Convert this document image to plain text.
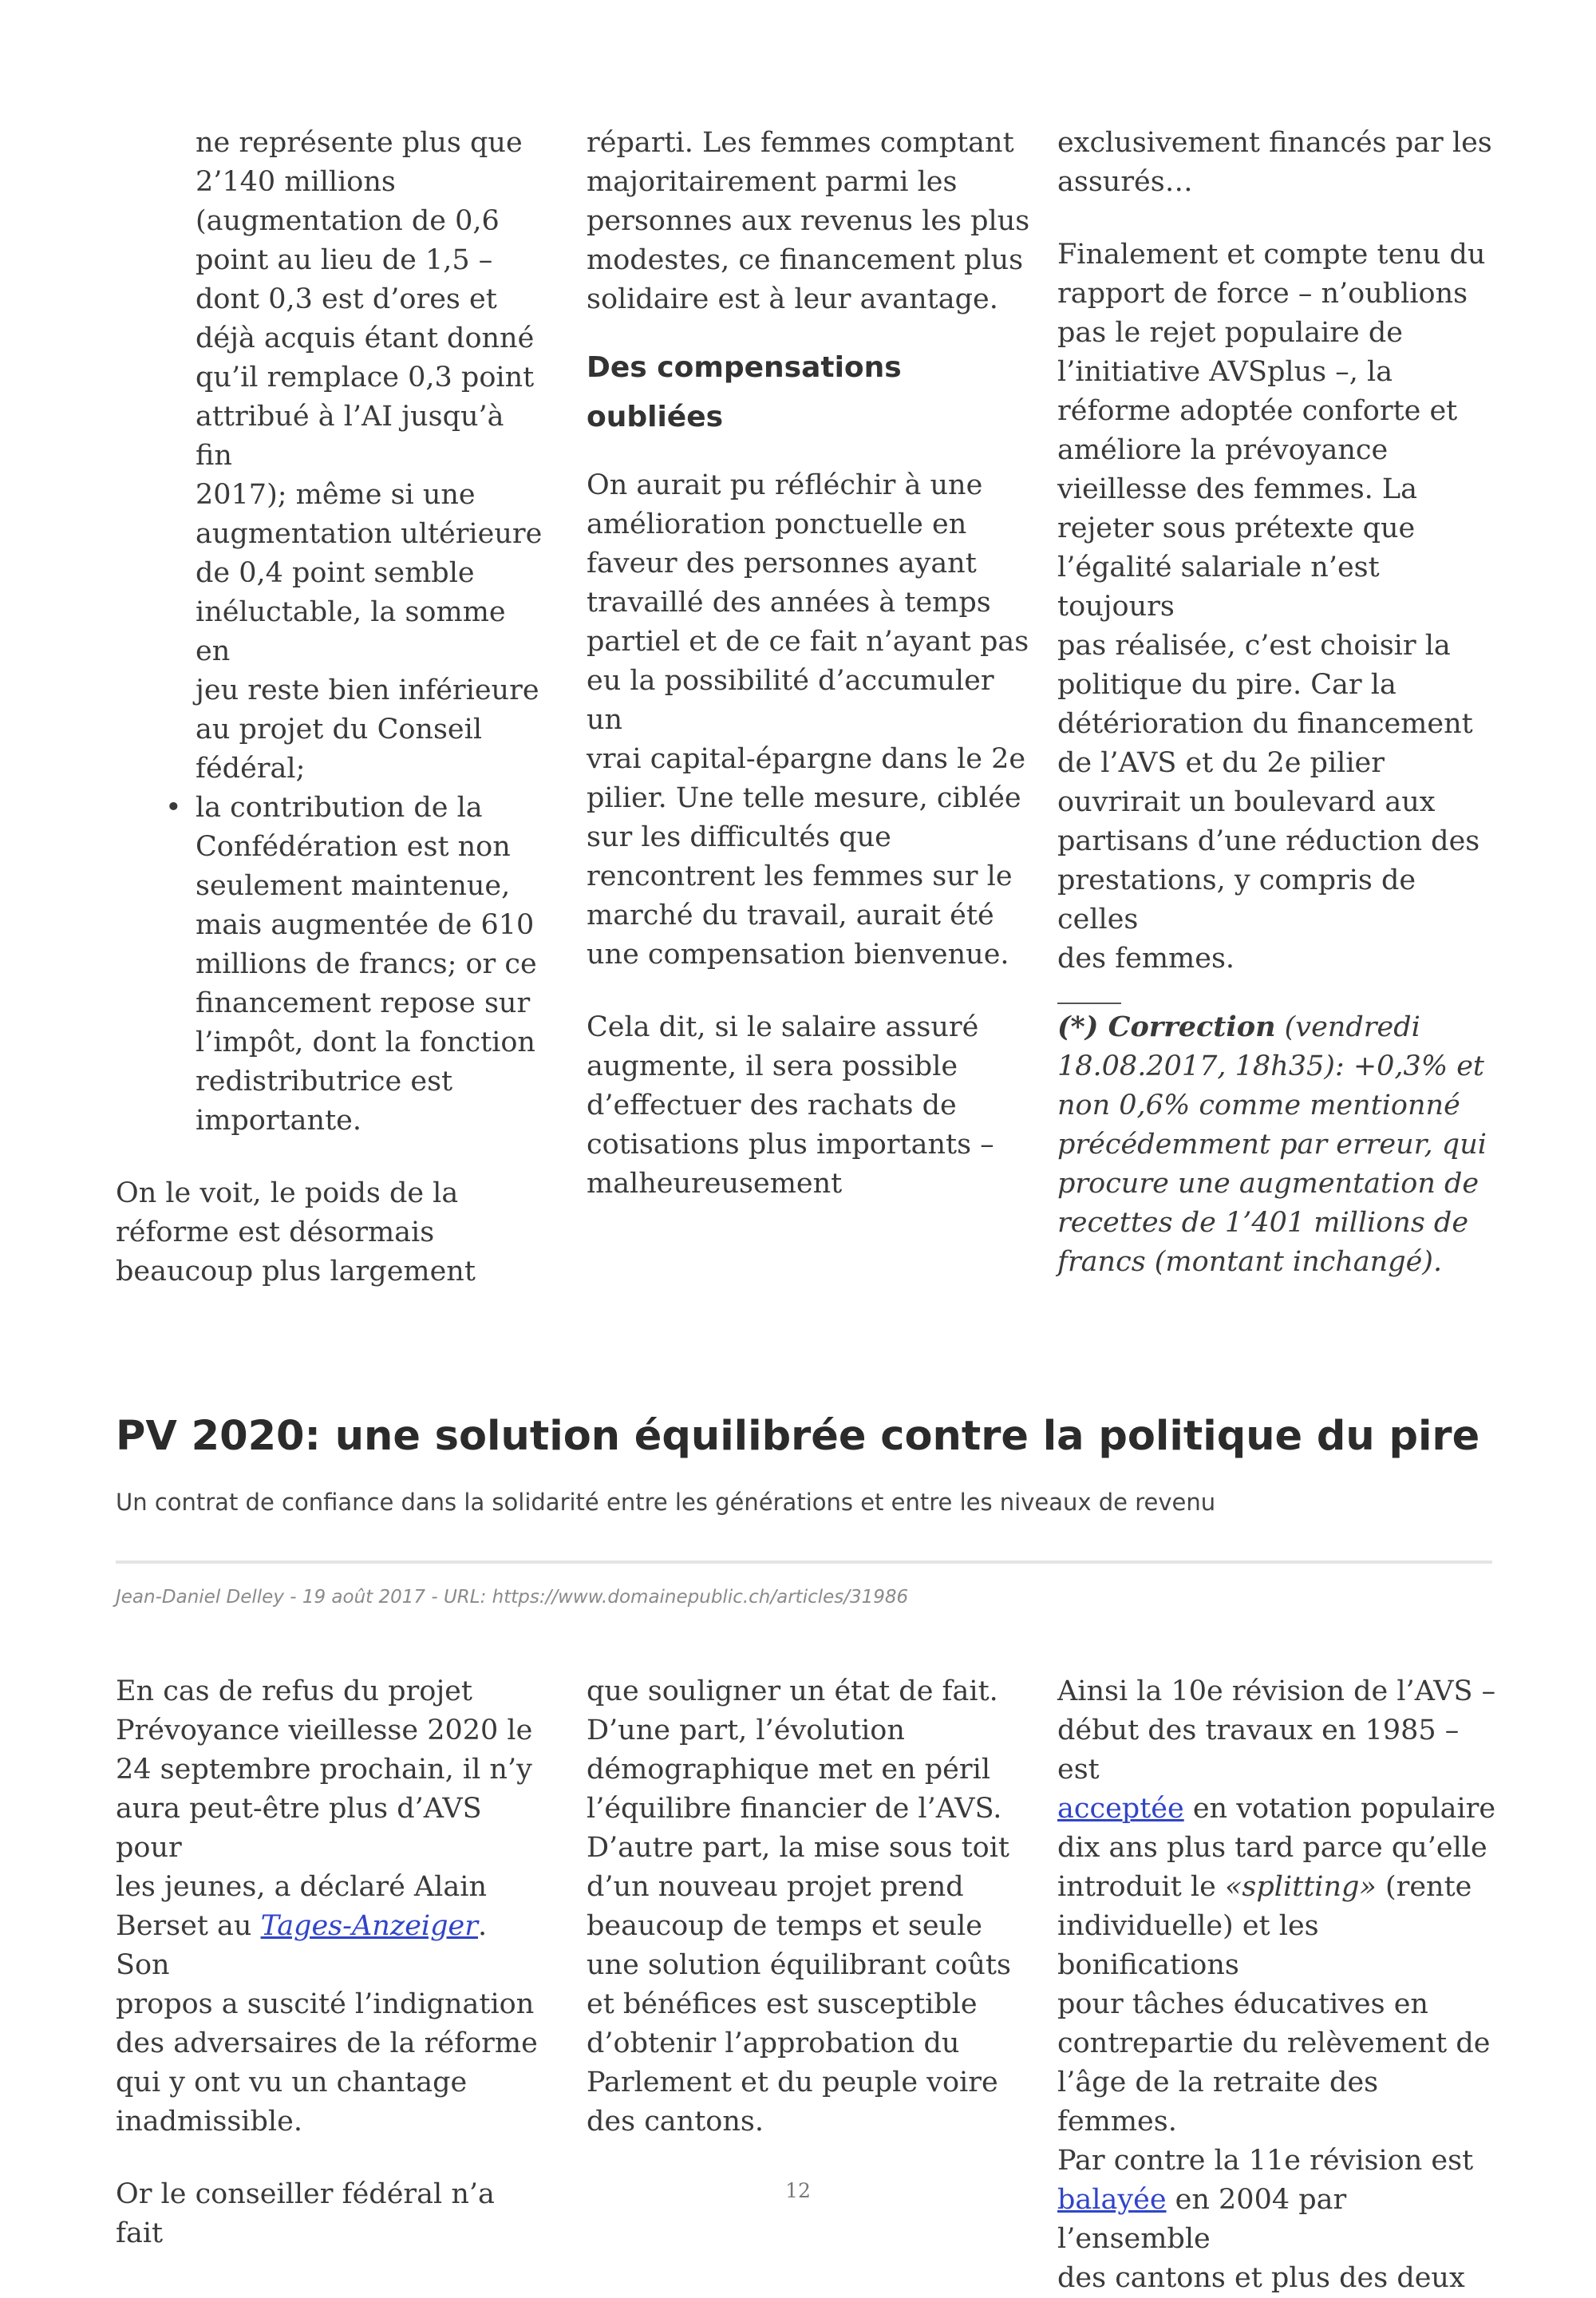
ne représente plus que
2’140 millions
(augmentation de 0,6
point au lieu de 1,5 –
dont 0,3 est d’ores et
déjà acquis étant donné
qu’il remplace 0,3 point
attribué à l’AI jusqu’à fin
2017); même si une
augmentation ultérieure
de 0,4 point semble
inéluctable, la somme en
jeu reste bien inférieure
au projet du Conseil
fédéral;
• la contribution de la
Confédération est non
seulement maintenue,
mais augmentée de 610
millions de francs; or ce
financement repose sur
l’impôt, dont la fonction
redistributrice est
importante.

On le voit, le poids de la
réforme est désormais
beaucoup plus largement

réparti. Les femmes comptant
majoritairement parmi les
personnes aux revenus les plus
modestes, ce financement plus
solidaire est à leur avantage.

Des compensations
oubliées

On aurait pu réfléchir à une
amélioration ponctuelle en
faveur des personnes ayant
travaillé des années à temps
partiel et de ce fait n’ayant pas
eu la possibilité d’accumuler un
vrai capital-épargne dans le 2e
pilier. Une telle mesure, ciblée
sur les difficultés que
rencontrent les femmes sur le
marché du travail, aurait été
une compensation bienvenue.

Cela dit, si le salaire assuré
augmente, il sera possible
d’effectuer des rachats de
cotisations plus importants –
malheureusement

exclusivement financés par les
assurés…

Finalement et compte tenu du
rapport de force – n’oublions
pas le rejet populaire de
l’initiative AVSplus –, la
réforme adoptée conforte et
améliore la prévoyance
vieillesse des femmes. La
rejeter sous prétexte que
l’égalité salariale n’est toujours
pas réalisée, c’est choisir la
politique du pire. Car la
détérioration du financement
de l’AVS et du 2e pilier
ouvrirait un boulevard aux
partisans d’une réduction des
prestations, y compris de celles
des femmes.

(*) Correction (vendredi
18.08.2017, 18h35): +0,3% et
non 0,6% comme mentionné
précédemment par erreur, qui
procure une augmentation de
recettes de 1’401 millions de
francs (montant inchangé).

PV 2020: une solution équilibrée contre la politique du pire

Un contrat de confiance dans la solidarité entre les générations et entre les niveaux de revenu

Jean-Daniel Delley - 19 août 2017 - URL: https://www.domainepublic.ch/articles/31986

En cas de refus du projet
Prévoyance vieillesse 2020 le
24 septembre prochain, il n’y
aura peut-être plus d’AVS pour
les jeunes, a déclaré Alain
Berset au Tages-Anzeiger. Son
propos a suscité l’indignation
des adversaires de la réforme
qui y ont vu un chantage
inadmissible.

Or le conseiller fédéral n’a fait

que souligner un état de fait.
D’une part, l’évolution
démographique met en péril
l’équilibre financier de l’AVS.
D’autre part, la mise sous toit
d’un nouveau projet prend
beaucoup de temps et seule
une solution équilibrant coûts
et bénéfices est susceptible
d’obtenir l’approbation du
Parlement et du peuple voire
des cantons.

Ainsi la 10e révision de l’AVS –
début des travaux en 1985 – est
acceptée en votation populaire
dix ans plus tard parce qu’elle
introduit le «splitting» (rente
individuelle) et les bonifications
pour tâches éducatives en
contrepartie du relèvement de
l’âge de la retraite des femmes.
Par contre la 11e révision est
balayée en 2004 par l’ensemble
des cantons et plus des deux

12
